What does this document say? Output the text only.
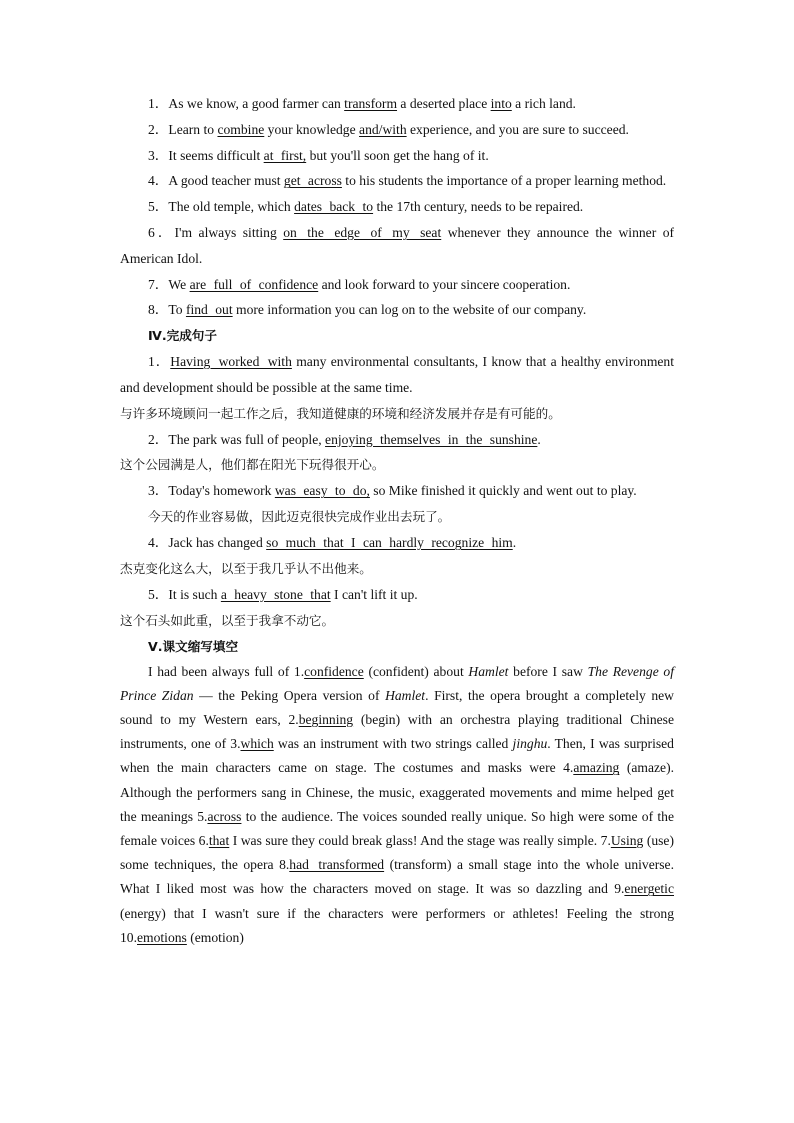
1．As we know, a good farmer can transform a deserted place into a rich land.

2．Learn to combine your knowledge and/with experience, and you are sure to succeed.

3．It seems difficult at first, but you'll soon get the hang of it.

4．A good teacher must get across to his students the importance of a proper learning method.

5．The old temple, which dates back to the 17th century, needs to be repaired.

6．I'm always sitting on the edge of my seat whenever they announce the winner of American Idol.

7．We are full of confidence and look forward to your sincere cooperation.

8．To find out more information you can log on to the website of our company.

Ⅳ.完成句子

1．Having worked with many environmental consultants, I know that a healthy environment and development should be possible at the same time.

与许多环境顾问一起工作之后，我知道健康的环境和经济发展并存是有可能的。

2．The park was full of people, enjoying themselves in the sunshine.

这个公园满是人，他们都在阳光下玩得很开心。

3．Today's homework was easy to do, so Mike finished it quickly and went out to play.

今天的作业容易做，因此迈克很快完成作业出去玩了。

4．Jack has changed so much that I can hardly recognize him.

杰克变化这么大，以至于我几乎认不出他来。

5．It is such a heavy stone that I can't lift it up.

这个石头如此重，以至于我拿不动它。

Ⅴ.课文缩写填空

I had been always full of 1.confidence (confident) about Hamlet before I saw The Revenge of Prince Zidan — the Peking Opera version of Hamlet. First, the opera brought a completely new sound to my Western ears, 2.beginning (begin) with an orchestra playing traditional Chinese instruments, one of 3.which was an instrument with two strings called jinghu. Then, I was surprised when the main characters came on stage. The costumes and masks were 4.amazing (amaze). Although the performers sang in Chinese, the music, exaggerated movements and mime helped get the meanings 5.across to the audience. The voices sounded really unique. So high were some of the female voices 6.that I was sure they could break glass! And the stage was really simple. 7.Using (use) some techniques, the opera 8.had transformed (transform) a small stage into the whole universe. What I liked most was how the characters moved on stage. It was so dazzling and 9.energetic (energy) that I wasn't sure if the characters were performers or athletes! Feeling the strong 10.emotions (emotion)
